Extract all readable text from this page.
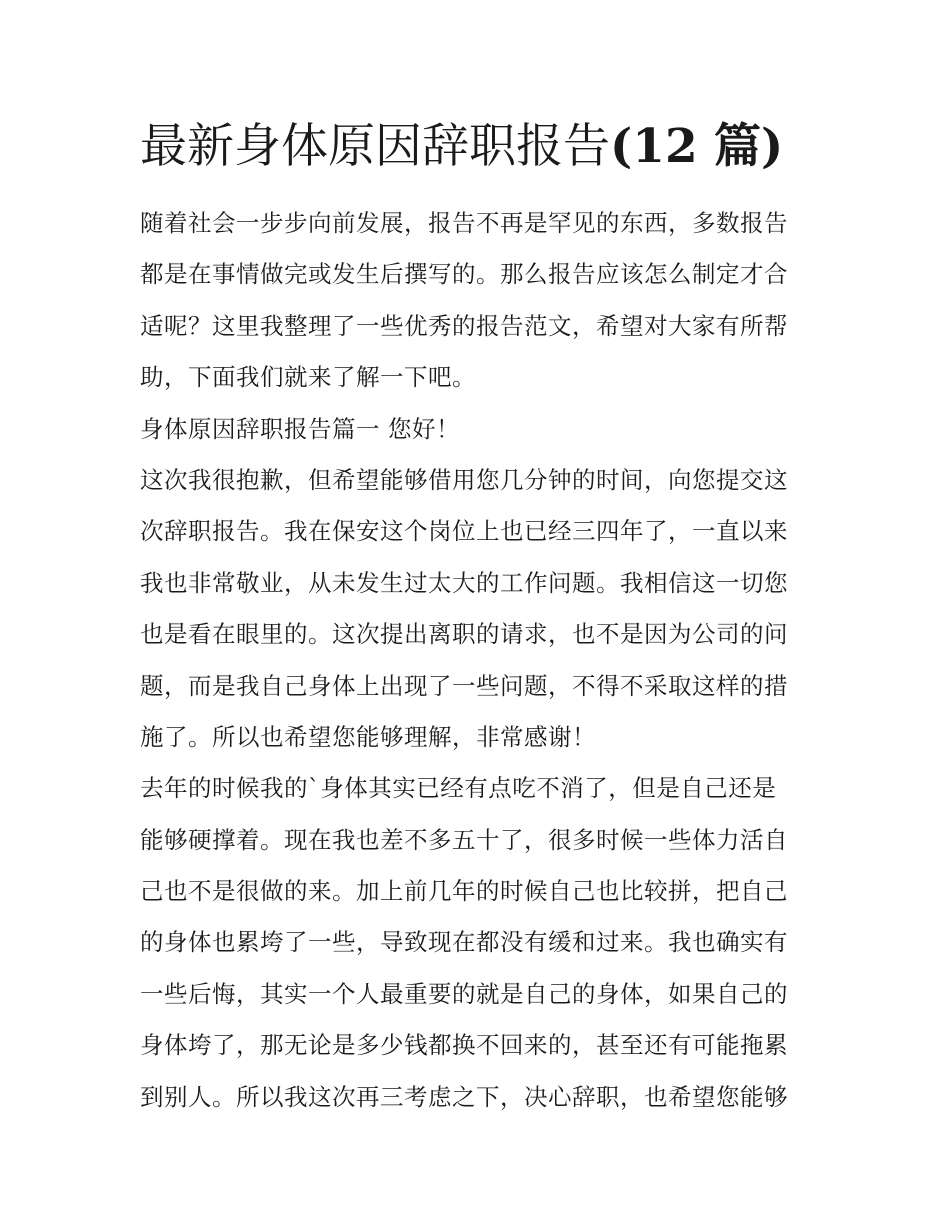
最新身体原因辞职报告(12 篇)
随着社会一步步向前发展，报告不再是罕见的东西，多数报告
都是在事情做完或发生后撰写的。那么报告应该怎么制定才合
适呢？这里我整理了一些优秀的报告范文，希望对大家有所帮
助，下面我们就来了解一下吧。
身体原因辞职报告篇一 您好！
这次我很抱歉，但希望能够借用您几分钟的时间，向您提交这
次辞职报告。我在保安这个岗位上也已经三四年了，一直以来
我也非常敬业，从未发生过太大的工作问题。我相信这一切您
也是看在眼里的。这次提出离职的请求，也不是因为公司的问
题，而是我自己身体上出现了一些问题，不得不采取这样的措
施了。所以也希望您能够理解，非常感谢！
去年的时候我的`身体其实已经有点吃不消了，但是自己还是
能够硬撑着。现在我也差不多五十了，很多时候一些体力活自
己也不是很做的来。加上前几年的时候自己也比较拼，把自己
的身体也累垮了一些，导致现在都没有缓和过来。我也确实有
一些后悔，其实一个人最重要的就是自己的身体，如果自己的
身体垮了，那无论是多少钱都换不回来的，甚至还有可能拖累
到别人。所以我这次再三考虑之下，决心辞职，也希望您能够
